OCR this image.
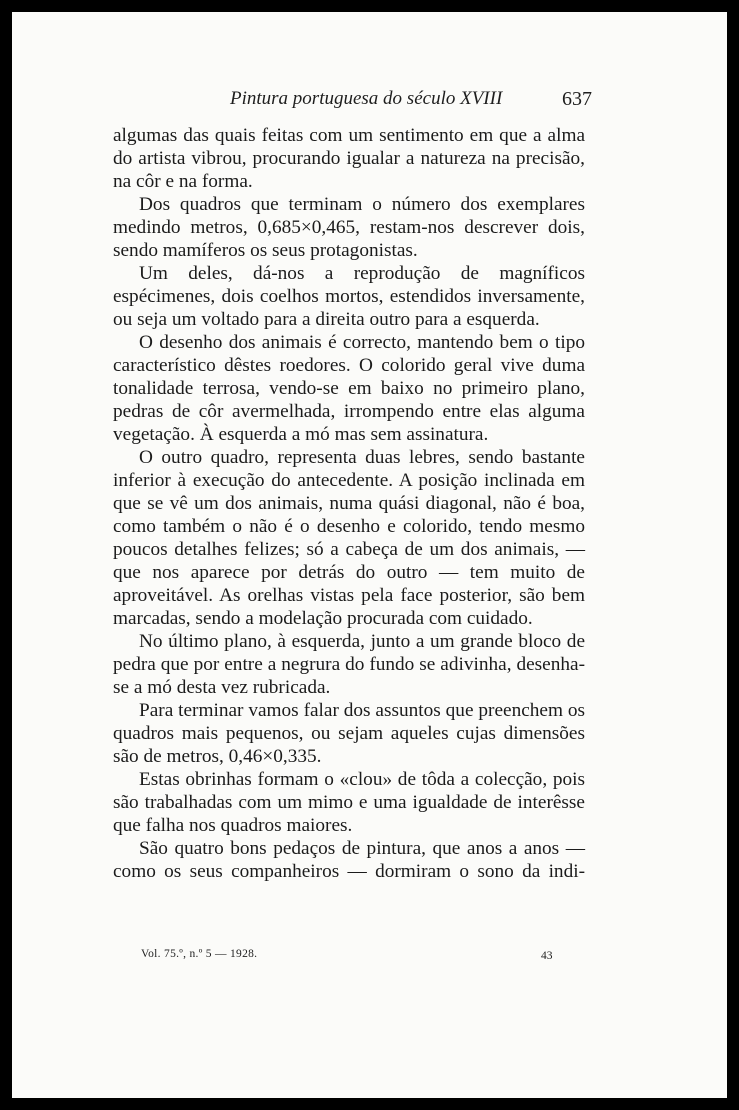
Pintura portuguesa do século XVIII	637

algumas das quais feitas com um sentimento em que a alma do artista vibrou, procurando igualar a natureza na precisão, na côr e na forma.

Dos quadros que terminam o número dos exemplares medindo metros, 0,685×0,465, restam-nos descrever dois, sendo mamíferos os seus protagonistas.

Um deles, dá-nos a reprodução de magníficos espécimenes, dois coelhos mortos, estendidos inversamente, ou seja um voltado para a direita outro para a esquerda.

O desenho dos animais é correcto, mantendo bem o tipo característico dêstes roedores. O colorido geral vive duma tonalidade terrosa, vendo-se em baixo no primeiro plano, pedras de côr avermelhada, irrompendo entre elas alguma vegetação. À esquerda a mó mas sem assinatura.

O outro quadro, representa duas lebres, sendo bastante inferior à execução do antecedente. A posição inclinada em que se vê um dos animais, numa quási diagonal, não é boa, como também o não é o desenho e colorido, tendo mesmo poucos detalhes felizes; só a cabeça de um dos animais, — que nos aparece por detrás do outro — tem muito de aproveitável. As orelhas vistas pela face posterior, são bem marcadas, sendo a modelação procurada com cuidado.

No último plano, à esquerda, junto a um grande bloco de pedra que por entre a negrura do fundo se adivinha, desenha-se a mó desta vez rubricada.

Para terminar vamos falar dos assuntos que preenchem os quadros mais pequenos, ou sejam aqueles cujas dimensões são de metros, 0,46×0,335.

Estas obrinhas formam o «clou» de tôda a colecção, pois são trabalhadas com um mimo e uma igualdade de interêsse que falha nos quadros maiores.

São quatro bons pedaços de pintura, que anos a anos — como os seus companheiros — dormiram o sono da indi-

Vol. 75.º, n.º 5 — 1928.	43
